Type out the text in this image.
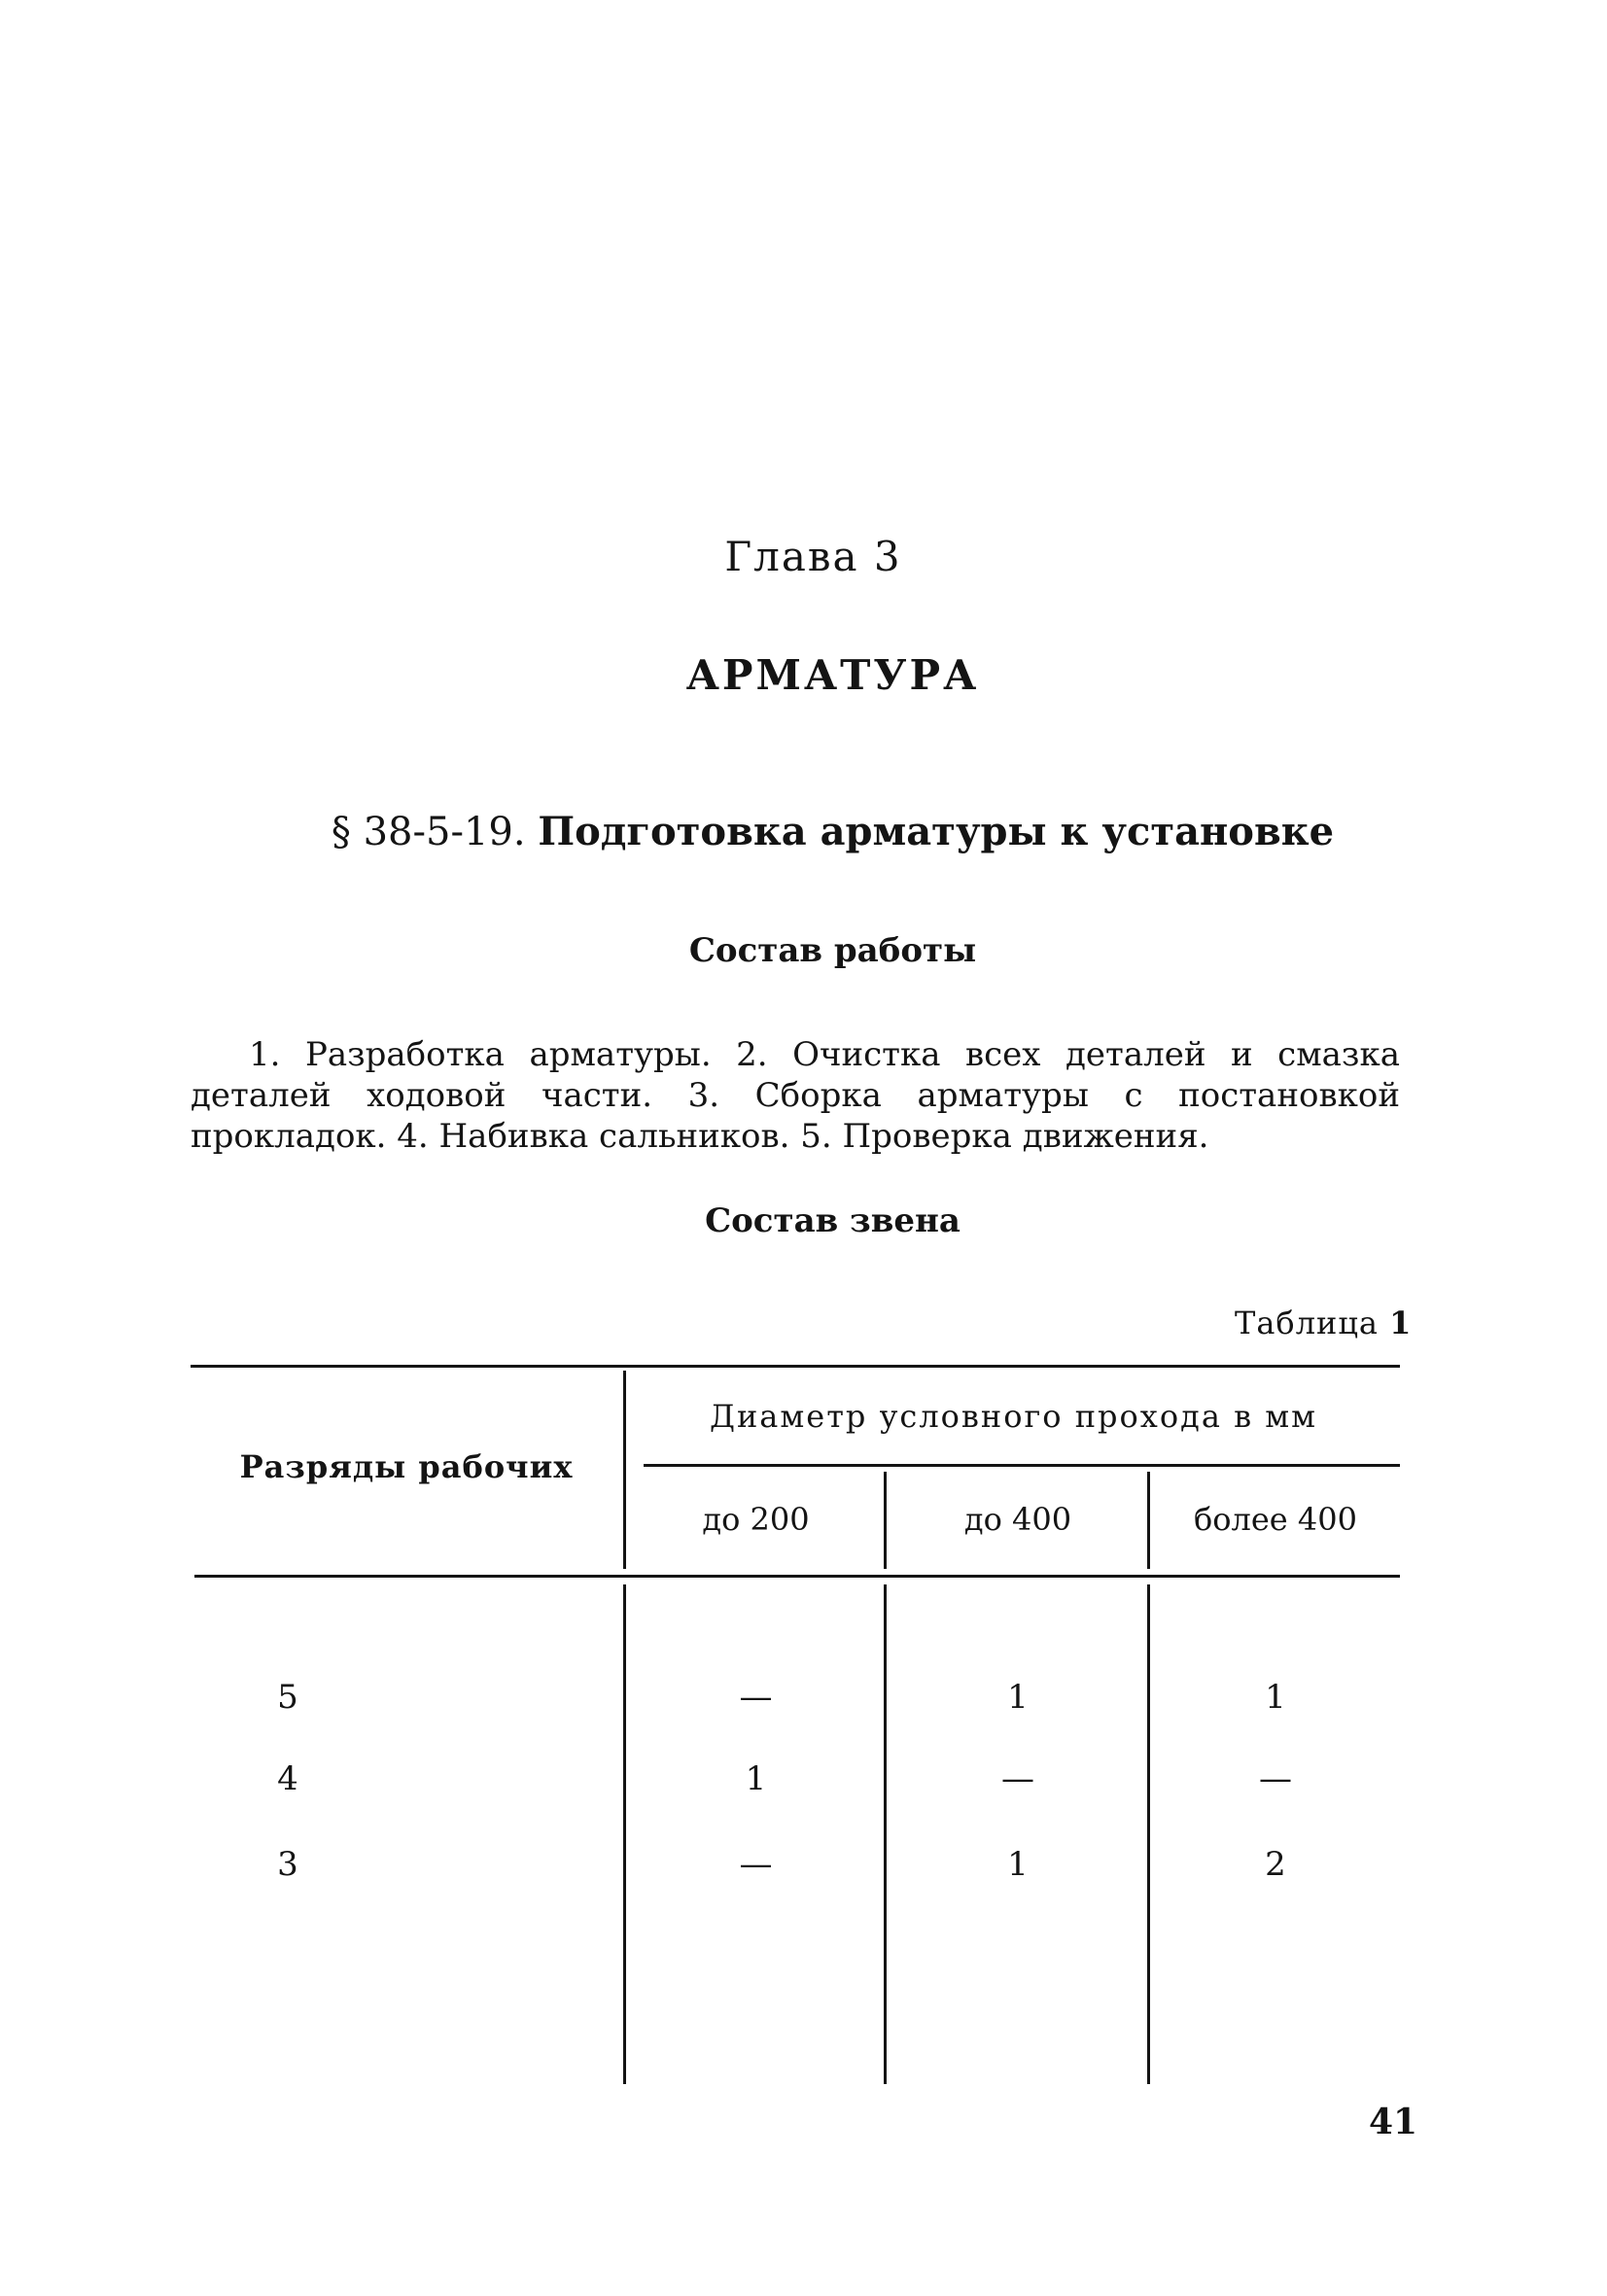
Глава 3
АРМАТУРА
§ 38-5-19. Подготовка арматуры к установке
Состав работы
1. Разработка арматуры. 2. Очистка всех деталей и смазка деталей ходовой части. 3. Сборка арматуры с постановкой прокладок. 4. Набивка сальников. 5. Проверка движения.
Состав звена
Таблица 1
Разряды рабочих
Диаметр условного прохода в мм
до 200	до 400	более 400
5	—	1	1
4	1	—	—
3	—	1	2
41
